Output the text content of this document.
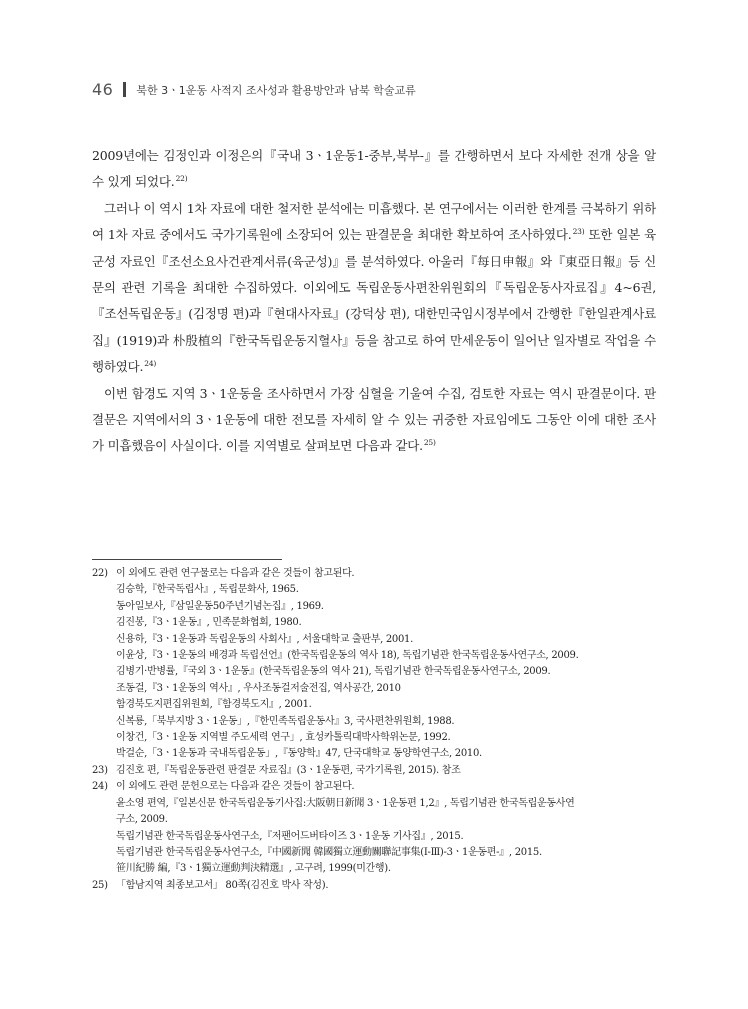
46 북한 3ㆍ1운동 사적지 조사성과 활용방안과 남북 학술교류

2009년에는 김정인과 이정은의『국내 3ㆍ1운동1-중부,북부-』를 간행하면서 보다 자세한 전개 상을 알 수 있게 되었다.$^{22)}$

그러나 이 역시 1차 자료에 대한 철저한 분석에는 미흡했다. 본 연구에서는 이러한 한계를 극복하기 위하여 1차 자료 중에서도 국가기록원에 소장되어 있는 판결문을 최대한 확보하여 조사하였다.$^{23)}$ 또한 일본 육군성 자료인『조선소요사건관계서류(육군성)』를 분석하였다. 아울러『每日申報』와『東亞日報』등 신문의 관련 기록을 최대한 수집하였다. 이외에도 독립운동사편찬위원회의『독립운동사자료집』4~6권,『조선독립운동』(김정명 편)과『현대사자료』(강덕상 편), 대한민국임시정부에서 간행한『한일관계사료집』(1919)과 朴殷植의『한국독립운동지혈사』등을 참고로 하여 만세운동이 일어난 일자별로 작업을 수행하였다.$^{24)}$

이번 함경도 지역 3ㆍ1운동을 조사하면서 가장 심혈을 기울여 수집, 검토한 자료는 역시 판결문이다. 판결문은 지역에서의 3ㆍ1운동에 대한 전모를 자세히 알 수 있는 귀중한 자료임에도 그동안 이에 대한 조사가 미흡했음이 사실이다. 이를 지역별로 살펴보면 다음과 같다.$^{25)}$

22) 이 외에도 관련 연구물로는 다음과 같은 것들이 참고된다.
김승학,『한국독립사』, 독립문화사, 1965.
동아일보사,『삼일운동50주년기념논집』, 1969.
김진봉,『3ㆍ1운동』, 민족문화협회, 1980.
신용하,『3ㆍ1운동과 독립운동의 사회사』, 서울대학교 출판부, 2001.
이윤상,『3ㆍ1운동의 배경과 독립선언』(한국독립운동의 역사 18), 독립기념관 한국독립운동사연구소, 2009.
김병기·반병률,『국외 3ㆍ1운동』(한국독립운동의 역사 21), 독립기념관 한국독립운동사연구소, 2009.
조동걸,『3ㆍ1운동의 역사』, 우사조동걸저술전집, 역사공간, 2010
함경북도지편집위원회,『함경북도지』, 2001.
신복룡,「북부지방 3ㆍ1운동」,『한민족독립운동사』3, 국사편찬위원회, 1988.
이창건,「3ㆍ1운동 지역별 주도세력 연구」, 효성카톨릭대박사학위논문, 1992.
박걸순,「3ㆍ1운동과 국내독립운동」,『동양학』47, 단국대학교 동양학연구소, 2010.
23) 김진호 편,『독립운동관련 판결문 자료집』(3ㆍ1운동편, 국가기록원, 2015). 참조
24) 이 외에도 관련 문헌으로는 다음과 같은 것들이 참고된다.
윤소영 편역,『일본신문 한국독립운동기사집:大阪朝日新聞 3ㆍ1운동편 1,2』, 독립기념관 한국독립운동사연
구소, 2009.
독립기념관 한국독립운동사연구소,『저팬어드버타이즈 3ㆍ1운동 기사집』, 2015.
독립기념관 한국독립운동사연구소,『中國新聞 韓國獨立運動關聯記事集(Ⅰ-Ⅲ)-3ㆍ1운동편-』, 2015.
笹川紀勝 編,『3ㆍ1獨立運動判決精選』, 고구려, 1999(미간행).
25) 「함남지역 최종보고서」 80쪽(김진호 박사 작성).
